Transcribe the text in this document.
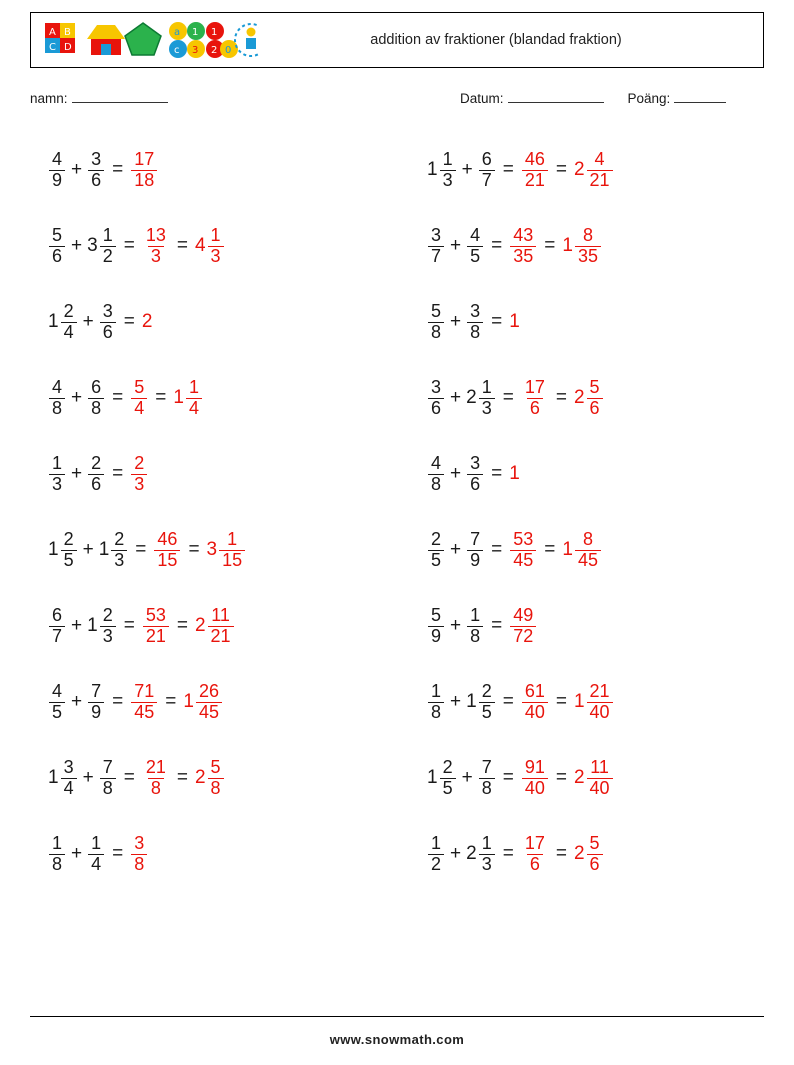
A B
C D
a 1
c 3
1
2 0
addition av fraktioner (blandad fraktion)
namn:	Datum:	Poäng:
$\frac{4}{9} + \frac{3}{6} = \frac{17}{18}$
$\frac{5}{6} + 3 \frac{1}{2} = \frac{13}{3} = 4 \frac{1}{3}$
$1 \frac{2}{4} + \frac{3}{6} = 2$
$\frac{4}{8} + \frac{6}{8} = \frac{5}{4} = 1 \frac{1}{4}$
$\frac{1}{3} + \frac{2}{6} = \frac{2}{3}$
$1 \frac{2}{5} + 1 \frac{2}{3} = \frac{46}{15} = 3 \frac{1}{15}$
$\frac{6}{7} + 1 \frac{2}{3} = \frac{53}{21} = 2 \frac{11}{21}$
$\frac{4}{5} + \frac{7}{9} = \frac{71}{45} = 1 \frac{26}{45}$
$1 \frac{3}{4} + \frac{7}{8} = \frac{21}{8} = 2 \frac{5}{8}$
$\frac{1}{8} + \frac{1}{4} = \frac{3}{8}$
$1 \frac{1}{3} + \frac{6}{7} = \frac{46}{21} = 2 \frac{4}{21}$
$\frac{3}{7} + \frac{4}{5} = \frac{43}{35} = 1 \frac{8}{35}$
$\frac{5}{8} + \frac{3}{8} = 1$
$\frac{3}{6} + 2 \frac{1}{3} = \frac{17}{6} = 2 \frac{5}{6}$
$\frac{4}{8} + \frac{3}{6} = 1$
$\frac{2}{5} + \frac{7}{9} = \frac{53}{45} = 1 \frac{8}{45}$
$\frac{5}{9} + \frac{1}{8} = \frac{49}{72}$
$\frac{1}{8} + 1 \frac{2}{5} = \frac{61}{40} = 1 \frac{21}{40}$
$1 \frac{2}{5} + \frac{7}{8} = \frac{91}{40} = 2 \frac{11}{40}$
$\frac{1}{2} + 2 \frac{1}{3} = \frac{17}{6} = 2 \frac{5}{6}$
www.snowmath.com
